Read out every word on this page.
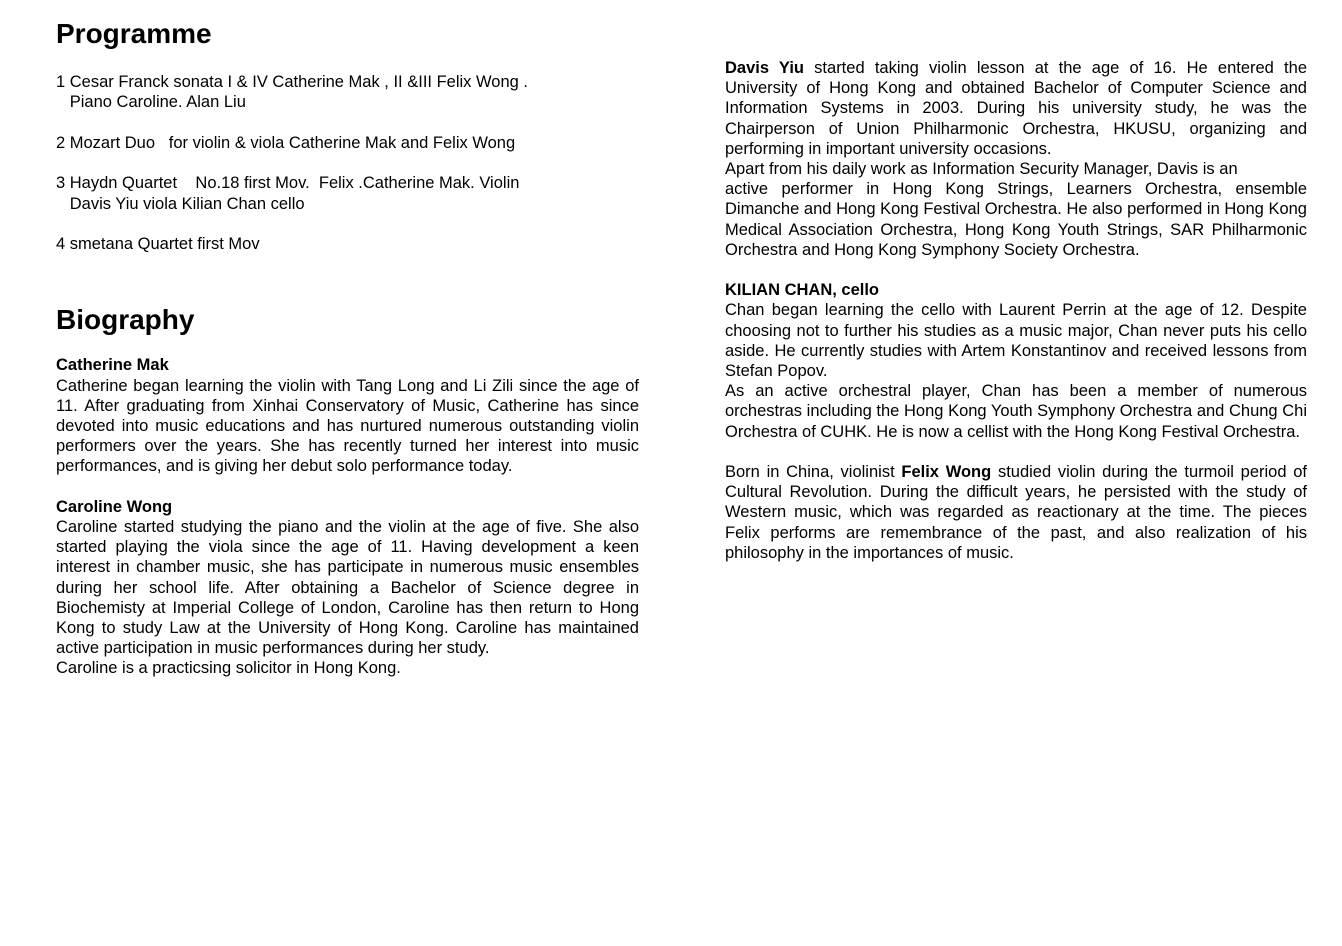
Programme
1 Cesar Franck sonata I & IV Catherine Mak , II &III Felix Wong .
Piano Caroline. Alan Liu
2 Mozart Duo   for violin & viola Catherine Mak and Felix Wong
3 Haydn Quartet    No.18 first Mov.  Felix .Catherine Mak. Violin
Davis Yiu viola Kilian Chan cello
4 smetana Quartet first Mov
Biography
Catherine Mak

Catherine began learning the violin with Tang Long and Li Zili since the age of 11. After graduating from Xinhai Conservatory of Music, Catherine has since devoted into music educations and has nurtured numerous outstanding violin performers over the years. She has recently turned her interest into music performances, and is giving her debut solo performance today.

Caroline Wong

Caroline started studying the piano and the violin at the age of five. She also started playing the viola since the age of 11. Having development a keen interest in chamber music, she has participate in numerous music ensembles during her school life. After obtaining a Bachelor of Science degree in Biochemisty at Imperial College of London, Caroline has then return to Hong Kong to study Law at the University of Hong Kong. Caroline has maintained active participation in music performances during her study.

Caroline is a practicsing solicitor in Hong Kong.

Davis Yiu started taking violin lesson at the age of 16. He entered the University of Hong Kong and obtained Bachelor of Computer Science and Information Systems in 2003. During his university study, he was the Chairperson of Union Philharmonic Orchestra, HKUSU, organizing and performing in important university occasions.

Apart from his daily work as Information Security Manager, Davis is an

active performer in Hong Kong Strings, Learners Orchestra, ensemble Dimanche and Hong Kong Festival Orchestra. He also performed in Hong Kong Medical Association Orchestra, Hong Kong Youth Strings, SAR Philharmonic Orchestra and Hong Kong Symphony Society Orchestra.

KILIAN CHAN, cello

Chan began learning the cello with Laurent Perrin at the age of 12. Despite choosing not to further his studies as a music major, Chan never puts his cello aside. He currently studies with Artem Konstantinov and received lessons from Stefan Popov.

As an active orchestral player, Chan has been a member of numerous orchestras including the Hong Kong Youth Symphony Orchestra and Chung Chi Orchestra of CUHK. He is now a cellist with the Hong Kong Festival Orchestra.

Born in China, violinist Felix Wong studied violin during the turmoil period of Cultural Revolution. During the difficult years, he persisted with the study of Western music, which was regarded as reactionary at the time. The pieces Felix performs are remembrance of the past, and also realization of his philosophy in the importances of music.
